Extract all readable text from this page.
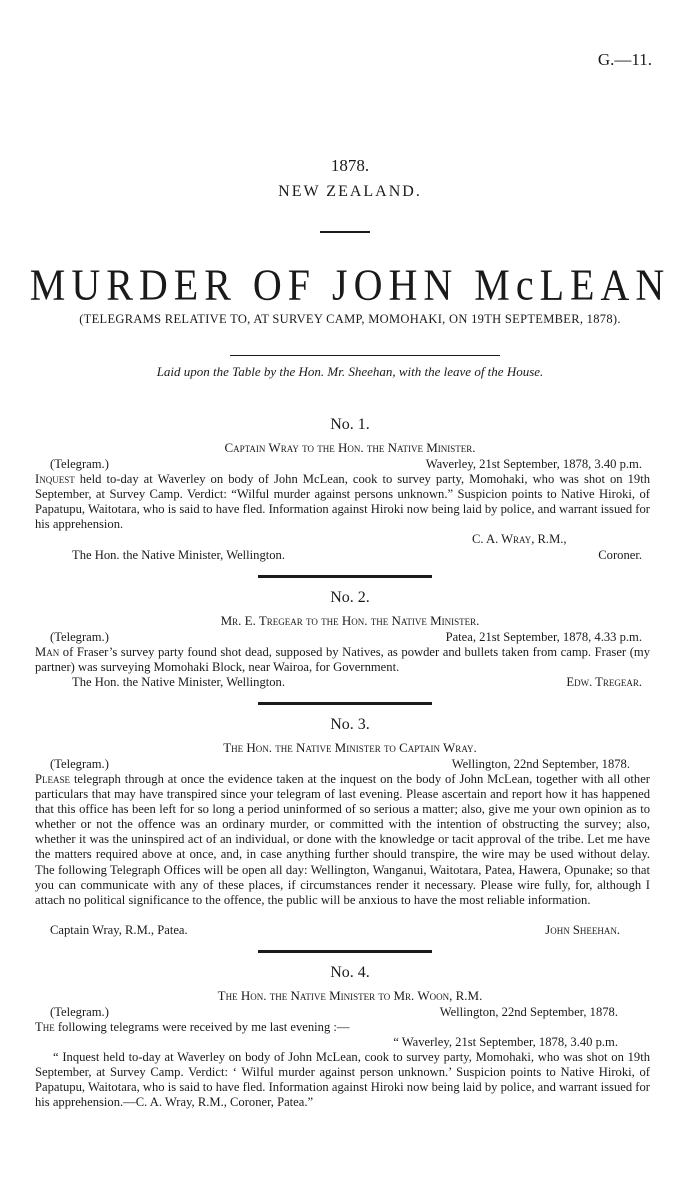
G.—11.
1878.
NEW ZEALAND.
MURDER OF JOHN McLEAN
(TELEGRAMS RELATIVE TO, AT SURVEY CAMP, MOMOHAKI, ON 19TH SEPTEMBER, 1878).
Laid upon the Table by the Hon. Mr. Sheehan, with the leave of the House.
No. 1.
Captain Wray to the Hon. the Native Minister.
(Telegram.)	Waverley, 21st September, 1878, 3.40 p.m.
Inquest held to-day at Waverley on body of John McLean, cook to survey party, Momohaki, who was shot on 19th September, at Survey Camp. Verdict: “Wilful murder against persons unknown.” Suspicion points to Native Hiroki, of Papatupu, Waitotara, who is said to have fled. Information against Hiroki now being laid by police, and warrant issued for his apprehension.
C. A. Wray, R.M.,
The Hon. the Native Minister, Wellington.	Coroner.
No. 2.
Mr. E. Tregear to the Hon. the Native Minister.
(Telegram.)	Patea, 21st September, 1878, 4.33 p.m.
Man of Fraser’s survey party found shot dead, supposed by Natives, as powder and bullets taken from camp. Fraser (my partner) was surveying Momohaki Block, near Wairoa, for Government.
The Hon. the Native Minister, Wellington.	Edw. Tregear.
No. 3.
The Hon. the Native Minister to Captain Wray.
(Telegram.)	Wellington, 22nd September, 1878.
Please telegraph through at once the evidence taken at the inquest on the body of John McLean, together with all other particulars that may have transpired since your telegram of last evening. Please ascertain and report how it has happened that this office has been left for so long a period uninformed of so serious a matter; also, give me your own opinion as to whether or not the offence was an ordinary murder, or committed with the intention of obstructing the survey; also, whether it was the uninspired act of an individual, or done with the knowledge or tacit approval of the tribe. Let me have the matters required above at once, and, in case anything further should transpire, the wire may be used without delay. The following Telegraph Offices will be open all day: Wellington, Wanganui, Waitotara, Patea, Hawera, Opunake; so that you can communicate with any of these places, if circumstances render it necessary. Please wire fully, for, although I attach no political significance to the offence, the public will be anxious to have the most reliable information.
Captain Wray, R.M., Patea.	John Sheehan.
No. 4.
The Hon. the Native Minister to Mr. Woon, R.M.
(Telegram.)	Wellington, 22nd September, 1878.
The following telegrams were received by me last evening :—
“ Waverley, 21st September, 1878, 3.40 p.m.
“ Inquest held to-day at Waverley on body of John McLean, cook to survey party, Momohaki, who was shot on 19th September, at Survey Camp. Verdict: ‘ Wilful murder against person unknown.’ Suspicion points to Native Hiroki, of Papatupu, Waitotara, who is said to have fled. Information against Hiroki now being laid by police, and warrant issued for his apprehension.—C. A. Wray, R.M., Coroner, Patea.”
